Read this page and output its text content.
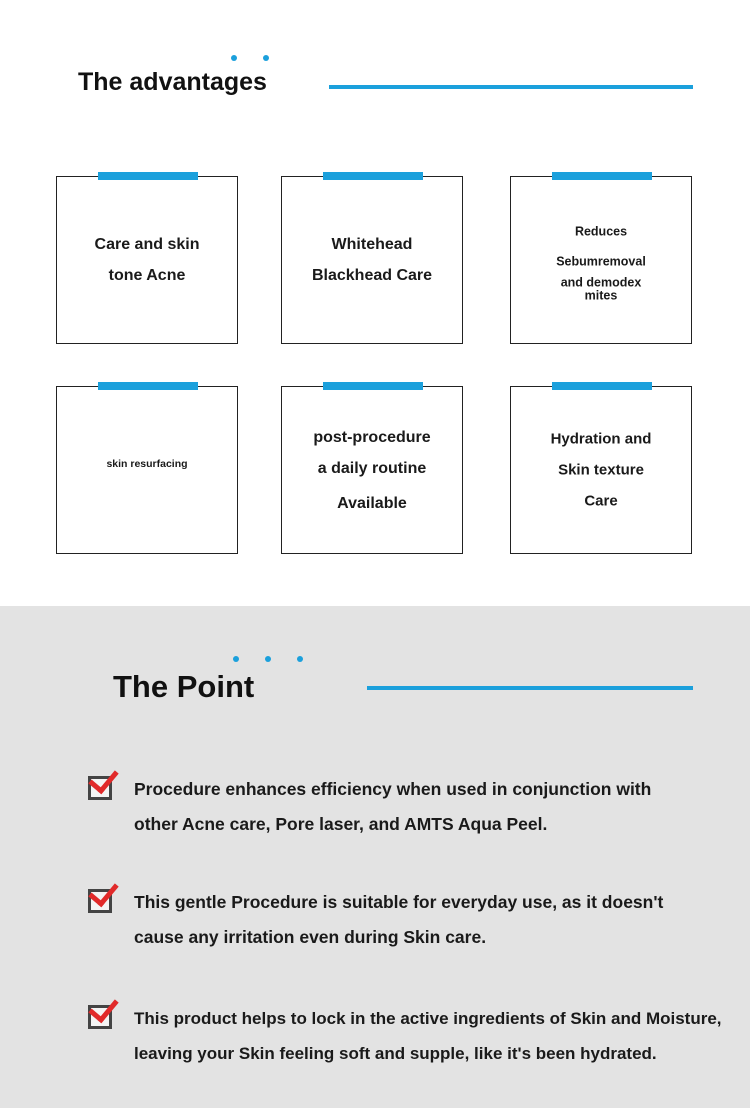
The advantages
Care and skin
tone Acne
Whitehead
Blackhead Care
Reduces
Sebumremoval
and demodex
mites
skin resurfacing
post-procedure
a daily routine
Available
Hydration and
Skin texture
Care
The Point
Procedure enhances efficiency when used in conjunction with
other Acne care, Pore laser, and AMTS Aqua Peel.
This gentle Procedure is suitable for everyday use, as it doesn't
cause any irritation even during Skin care.
This product helps to lock in the active ingredients of Skin and Moisture,
leaving your Skin feeling soft and supple, like it's been hydrated.
